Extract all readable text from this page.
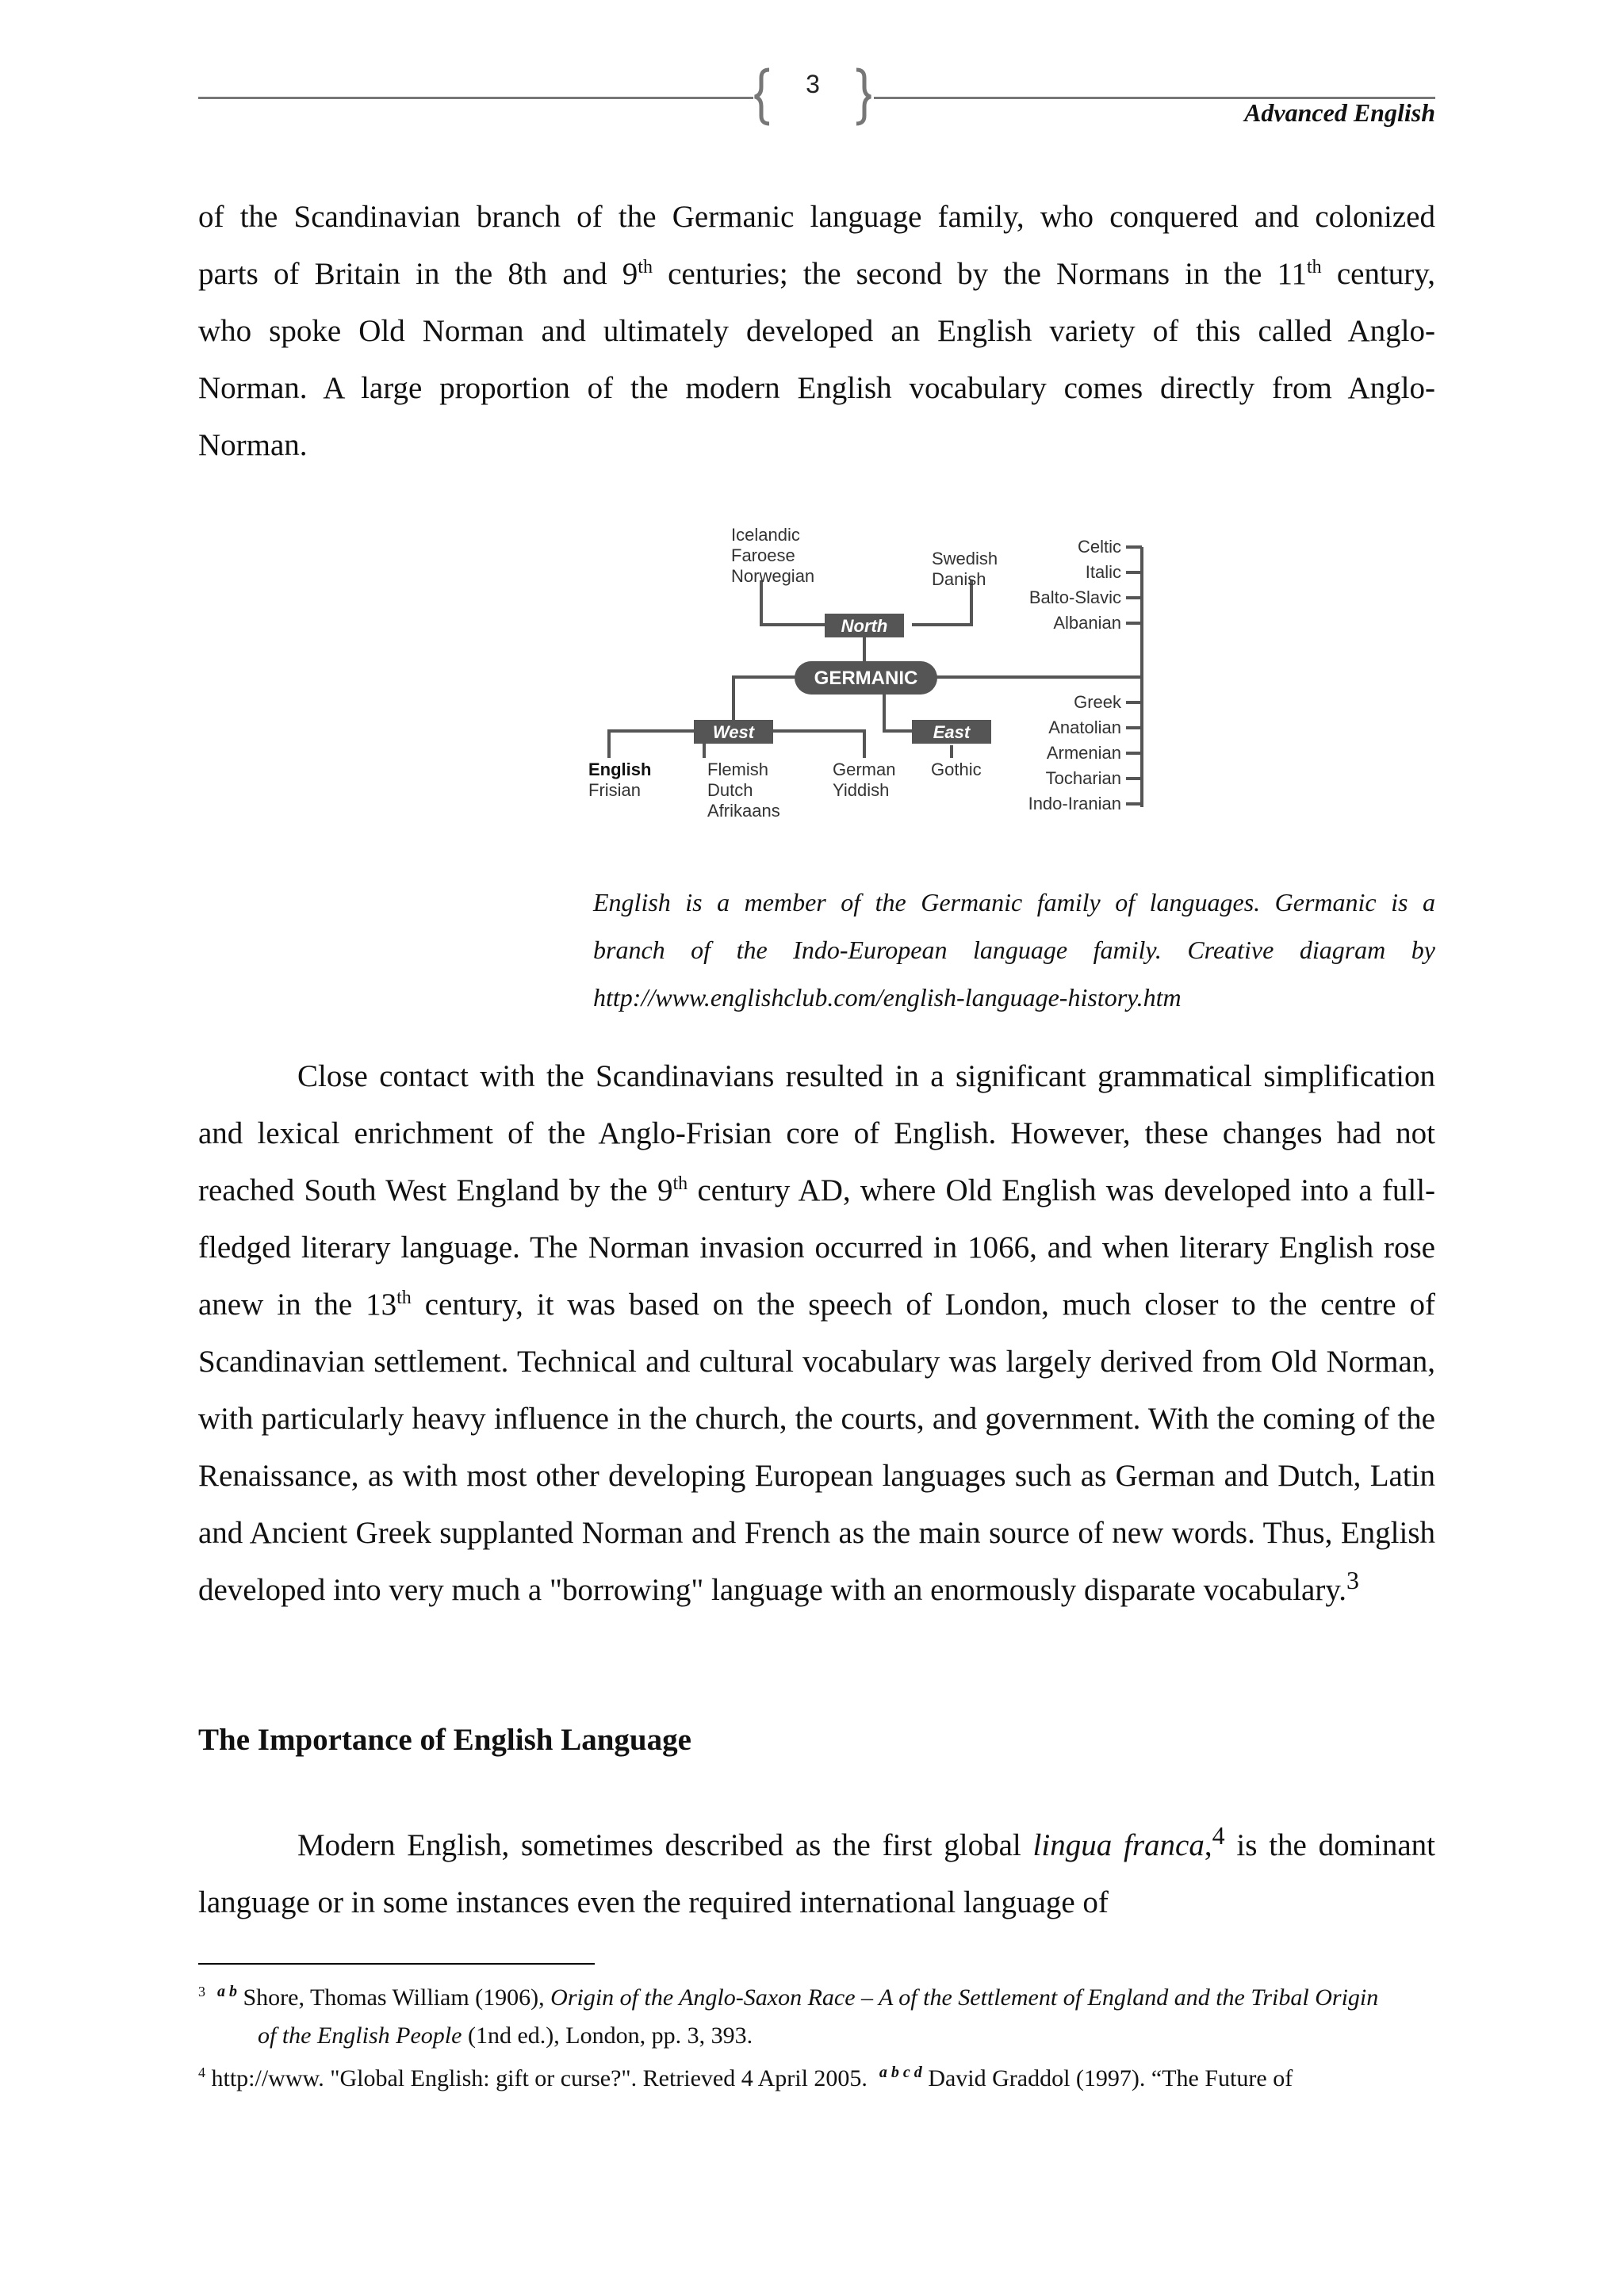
3
Advanced English
of the Scandinavian branch of the Germanic language family, who conquered and colonized
parts of Britain in the 8th and 9th centuries; the second by the Normans in the 11th century,
who spoke Old Norman and ultimately developed an English variety of this called Anglo-
Norman. A large proportion of the modern English vocabulary comes directly from Anglo-
Norman.
Icelandic
Faroese
Norwegian
Swedish
Danish
North
GERMANIC
West	East
English
Frisian
Flemish
Dutch
Afrikaans
German
Yiddish
Gothic
Celtic
Italic
Balto-Slavic
Albanian
Greek
Anatolian
Armenian
Tocharian
Indo-Iranian
English is a member of the Germanic family of languages. Germanic is a
branch of the Indo-European language family. Creative diagram by
http://www.englishclub.com/english-language-history.htm
Close contact with the Scandinavians resulted in a significant grammatical simplification and lexical enrichment of the Anglo-Frisian core of English. However, these changes had not reached South West England by the 9th century AD, where Old English was developed into a full-fledged literary language. The Norman invasion occurred in 1066, and when literary English rose anew in the 13th century, it was based on the speech of London, much closer to the centre of Scandinavian settlement. Technical and cultural vocabulary was largely derived from Old Norman, with particularly heavy influence in the church, the courts, and government. With the coming of the Renaissance, as with most other developing European languages such as German and Dutch, Latin and Ancient Greek supplanted Norman and French as the main source of new words. Thus, English developed into very much a "borrowing" language with an enormously disparate vocabulary.$^3$
The Importance of English Language
Modern English, sometimes described as the first global lingua franca,$^4$ is the dominant language or in some instances even the required international language of
$^3$ $^{a b}$ Shore, Thomas William (1906), Origin of the Anglo-Saxon Race – A of the Settlement of England and the Tribal Origin
of the English People (1nd ed.), London, pp. 3, 393.
$^4$ http://www. "Global English: gift or curse?". Retrieved 4 April 2005.  $^{a b c d}$ David Graddol (1997). “The Future of
